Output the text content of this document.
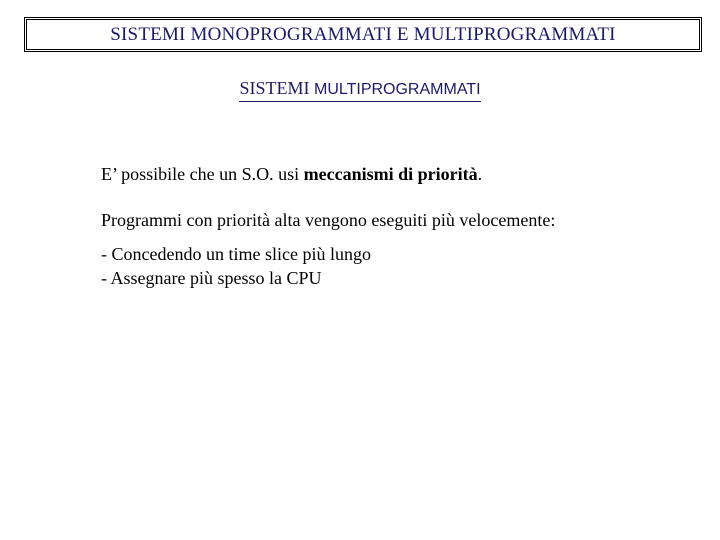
SISTEMI MONOPROGRAMMATI E MULTIPROGRAMMATI
SISTEMI MULTIPROGRAMMATI
E’ possibile che un S.O. usi meccanismi di priorità.
Programmi con priorità alta vengono eseguiti più velocemente:
- Concedendo un time slice più lungo
- Assegnare più spesso la CPU
